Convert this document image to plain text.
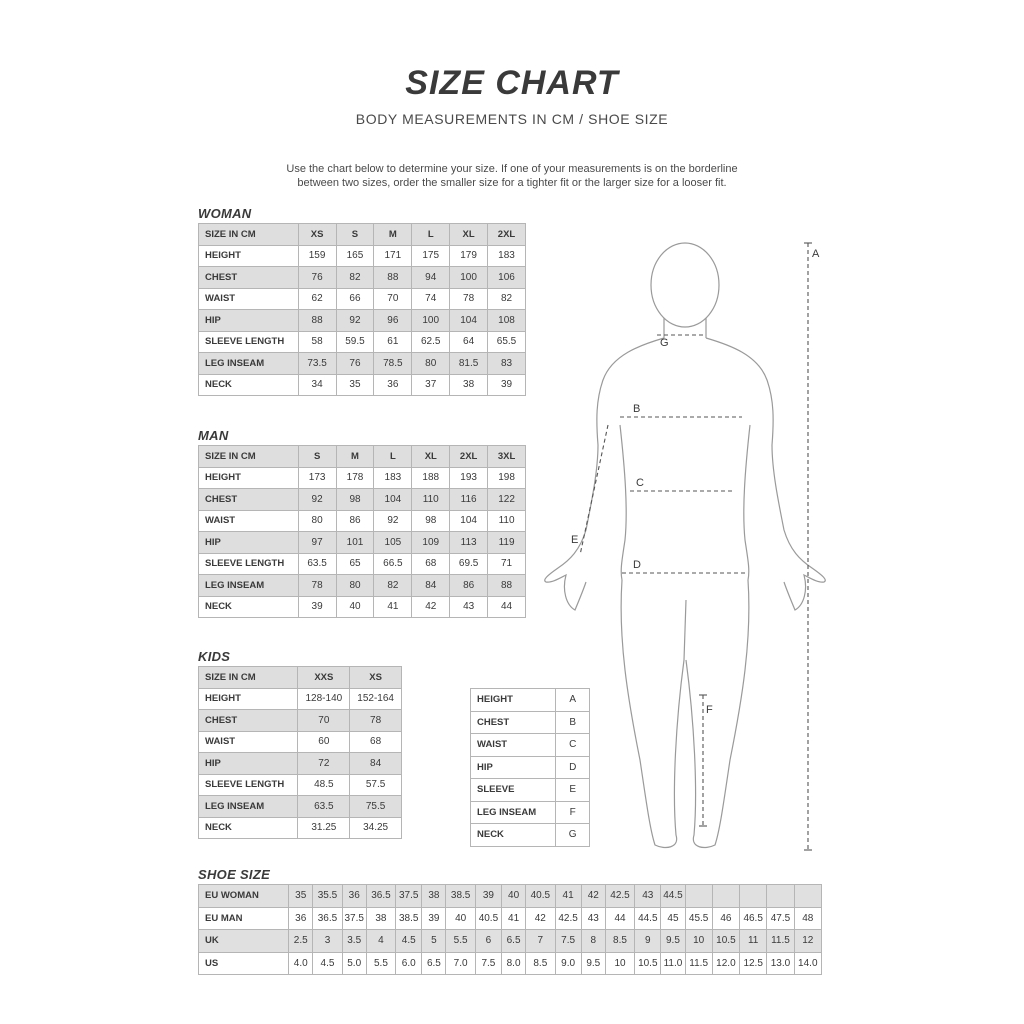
SIZE CHART
BODY MEASUREMENTS IN CM / SHOE SIZE
Use the chart below to determine your size. If one of your measurements is on the borderline
between two sizes, order the smaller size for a tighter fit or the larger size for a looser fit.
WOMAN
SIZE IN CM	XS	S	M	L	XL	2XL
HEIGHT	159	165	171	175	179	183
CHEST	76	82	88	94	100	106
WAIST	62	66	70	74	78	82
HIP	88	92	96	100	104	108
SLEEVE LENGTH	58	59.5	61	62.5	64	65.5
LEG INSEAM	73.5	76	78.5	80	81.5	83
NECK	34	35	36	37	38	39
MAN
SIZE IN CM	S	M	L	XL	2XL	3XL
HEIGHT	173	178	183	188	193	198
CHEST	92	98	104	110	116	122
WAIST	80	86	92	98	104	110
HIP	97	101	105	109	113	119
SLEEVE LENGTH	63.5	65	66.5	68	69.5	71
LEG INSEAM	78	80	82	84	86	88
NECK	39	40	41	42	43	44
KIDS
SIZE IN CM	XXS	XS
HEIGHT	128-140	152-164
CHEST	70	78
WAIST	60	68
HIP	72	84
SLEEVE LENGTH	48.5	57.5
LEG INSEAM	63.5	75.5
NECK	31.25	34.25
HEIGHT	A
CHEST	B
WAIST	C
HIP	D
SLEEVE	E
LEG INSEAM	F
NECK	G
SHOE SIZE
EU WOMAN	35	35.5	36	36.5	37.5	38	38.5	39	40	40.5	41	42	42.5	43	44.5					
EU MAN	36	36.5	37.5	38	38.5	39	40	40.5	41	42	42.5	43	44	44.5	45	45.5	46	46.5	47.5	48
UK	2.5	3	3.5	4	4.5	5	5.5	6	6.5	7	7.5	8	8.5	9	9.5	10	10.5	11	11.5	12
US	4.0	4.5	5.0	5.5	6.0	6.5	7.0	7.5	8.0	8.5	9.0	9.5	10	10.5	11.0	11.5	12.0	12.5	13.0	14.0
A
B
C
D
E
F
G
